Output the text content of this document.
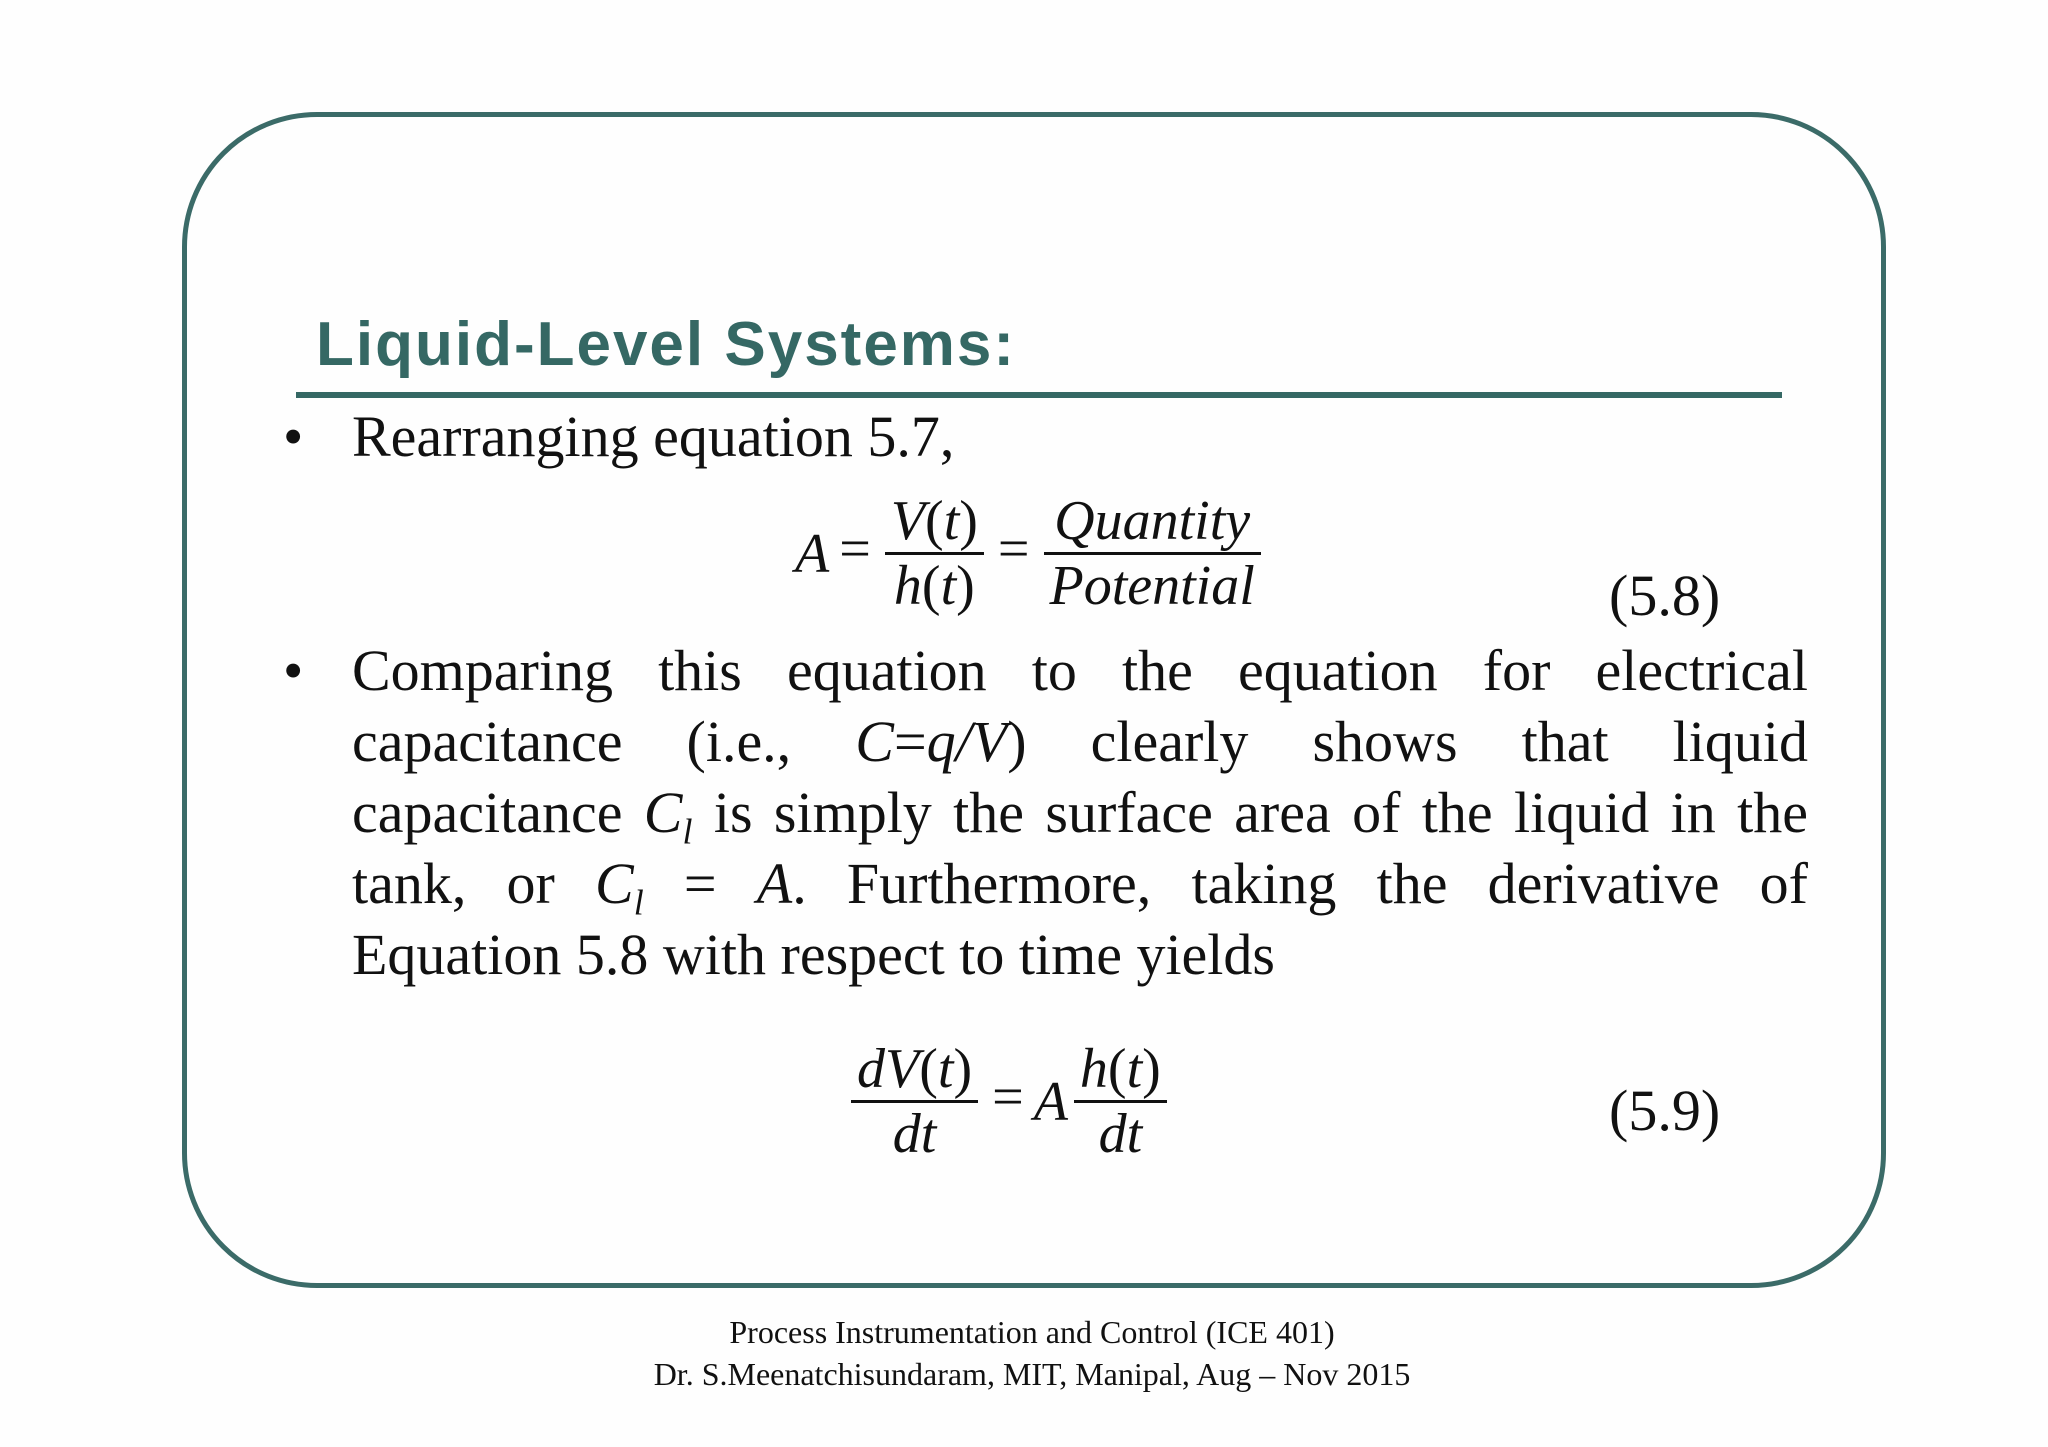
Liquid-Level Systems:
• Rearranging equation 5.7,
$A = \frac{V(t)}{h(t)} = \frac{\text{Quantity}}{\text{Potential}}$	(5.8)
• Comparing this equation to the equation for electrical
capacitance (i.e., C=q/V) clearly shows that liquid
capacitance $C_l$ is simply the surface area of the liquid in the
tank, or $C_l = A$. Furthermore, taking the derivative of
Equation 5.8 with respect to time yields
$\frac{dV(t)}{dt} = A \frac{h(t)}{dt}$	(5.9)
Process Instrumentation and Control (ICE 401)
Dr. S.Meenatchisundaram, MIT, Manipal, Aug – Nov 2015
